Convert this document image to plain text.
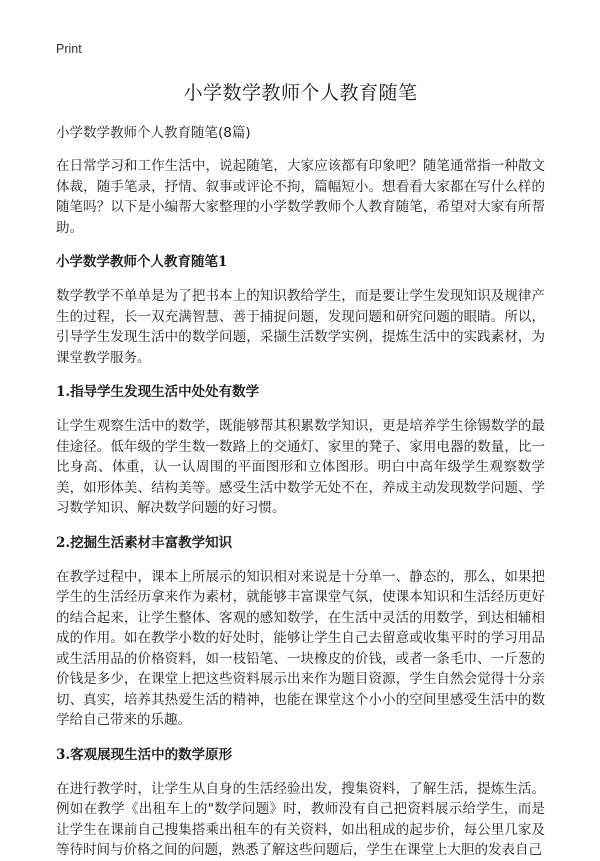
Print
小学数学教师个人教育随笔

小学数学教师个人教育随笔(8篇)

在日常学习和工作生活中，说起随笔，大家应该都有印象吧？随笔通常指一种散文体裁，随手笔录，抒情、叙事或评论不拘，篇幅短小。想看看大家都在写什么样的随笔吗？以下是小编帮大家整理的小学数学教师个人教育随笔，希望对大家有所帮助。

小学数学教师个人教育随笔1

数学教学不单单是为了把书本上的知识教给学生，而是要让学生发现知识及规律产生的过程，长一双充满智慧、善于捕捉问题，发现问题和研究问题的眼睛。所以，引导学生发现生活中的数学问题，采撷生活数学实例，提炼生活中的实践素材，为课堂教学服务。

1.指导学生发现生活中处处有数学

让学生观察生活中的数学，既能够帮其积累数学知识，更是培养学生徐锡数学的最佳途径。低年级的学生数一数路上的交通灯、家里的凳子、家用电器的数量，比一比身高、体重，认一认周围的平面图形和立体图形。明白中高年级学生观察数学美，如形体美、结构美等。感受生活中数学无处不在，养成主动发现数学问题、学习数学知识、解决数学问题的好习惯。

2.挖掘生活素材丰富教学知识

在教学过程中，课本上所展示的知识相对来说是十分单一、静态的，那么，如果把学生的生活经历拿来作为素材，就能够丰富课堂气氛，使课本知识和生活经历更好的结合起来，让学生整体、客观的感知数学，在生活中灵活的用数学，到达相辅相成的作用。如在教学小数的好处时，能够让学生自己去留意或收集平时的学习用品或生活用品的价格资料，如一枝铅笔、一块橡皮的价钱，或者一条毛巾、一斤葱的价钱是多少，在课堂上把这些资料展示出来作为题目资源，学生自然会觉得十分亲切、真实，培养其热爱生活的精神，也能在课堂这个小小的空间里感受生活中的数学给自己带来的乐趣。

3.客观展现生活中的数学原形

在进行教学时，让学生从自身的生活经验出发，搜集资料，了解生活，提炼生活。例如在教学《出租车上的"数学问题》时，教师没有自己把资料展示给学生，而是让学生在课前自己搜集搭乘出租车的有关资料，如出租成的起步价，每公里几家及等待时间与价格之间的问题，熟悉了解这些问题后，学生在课堂上大胆的发表自己
